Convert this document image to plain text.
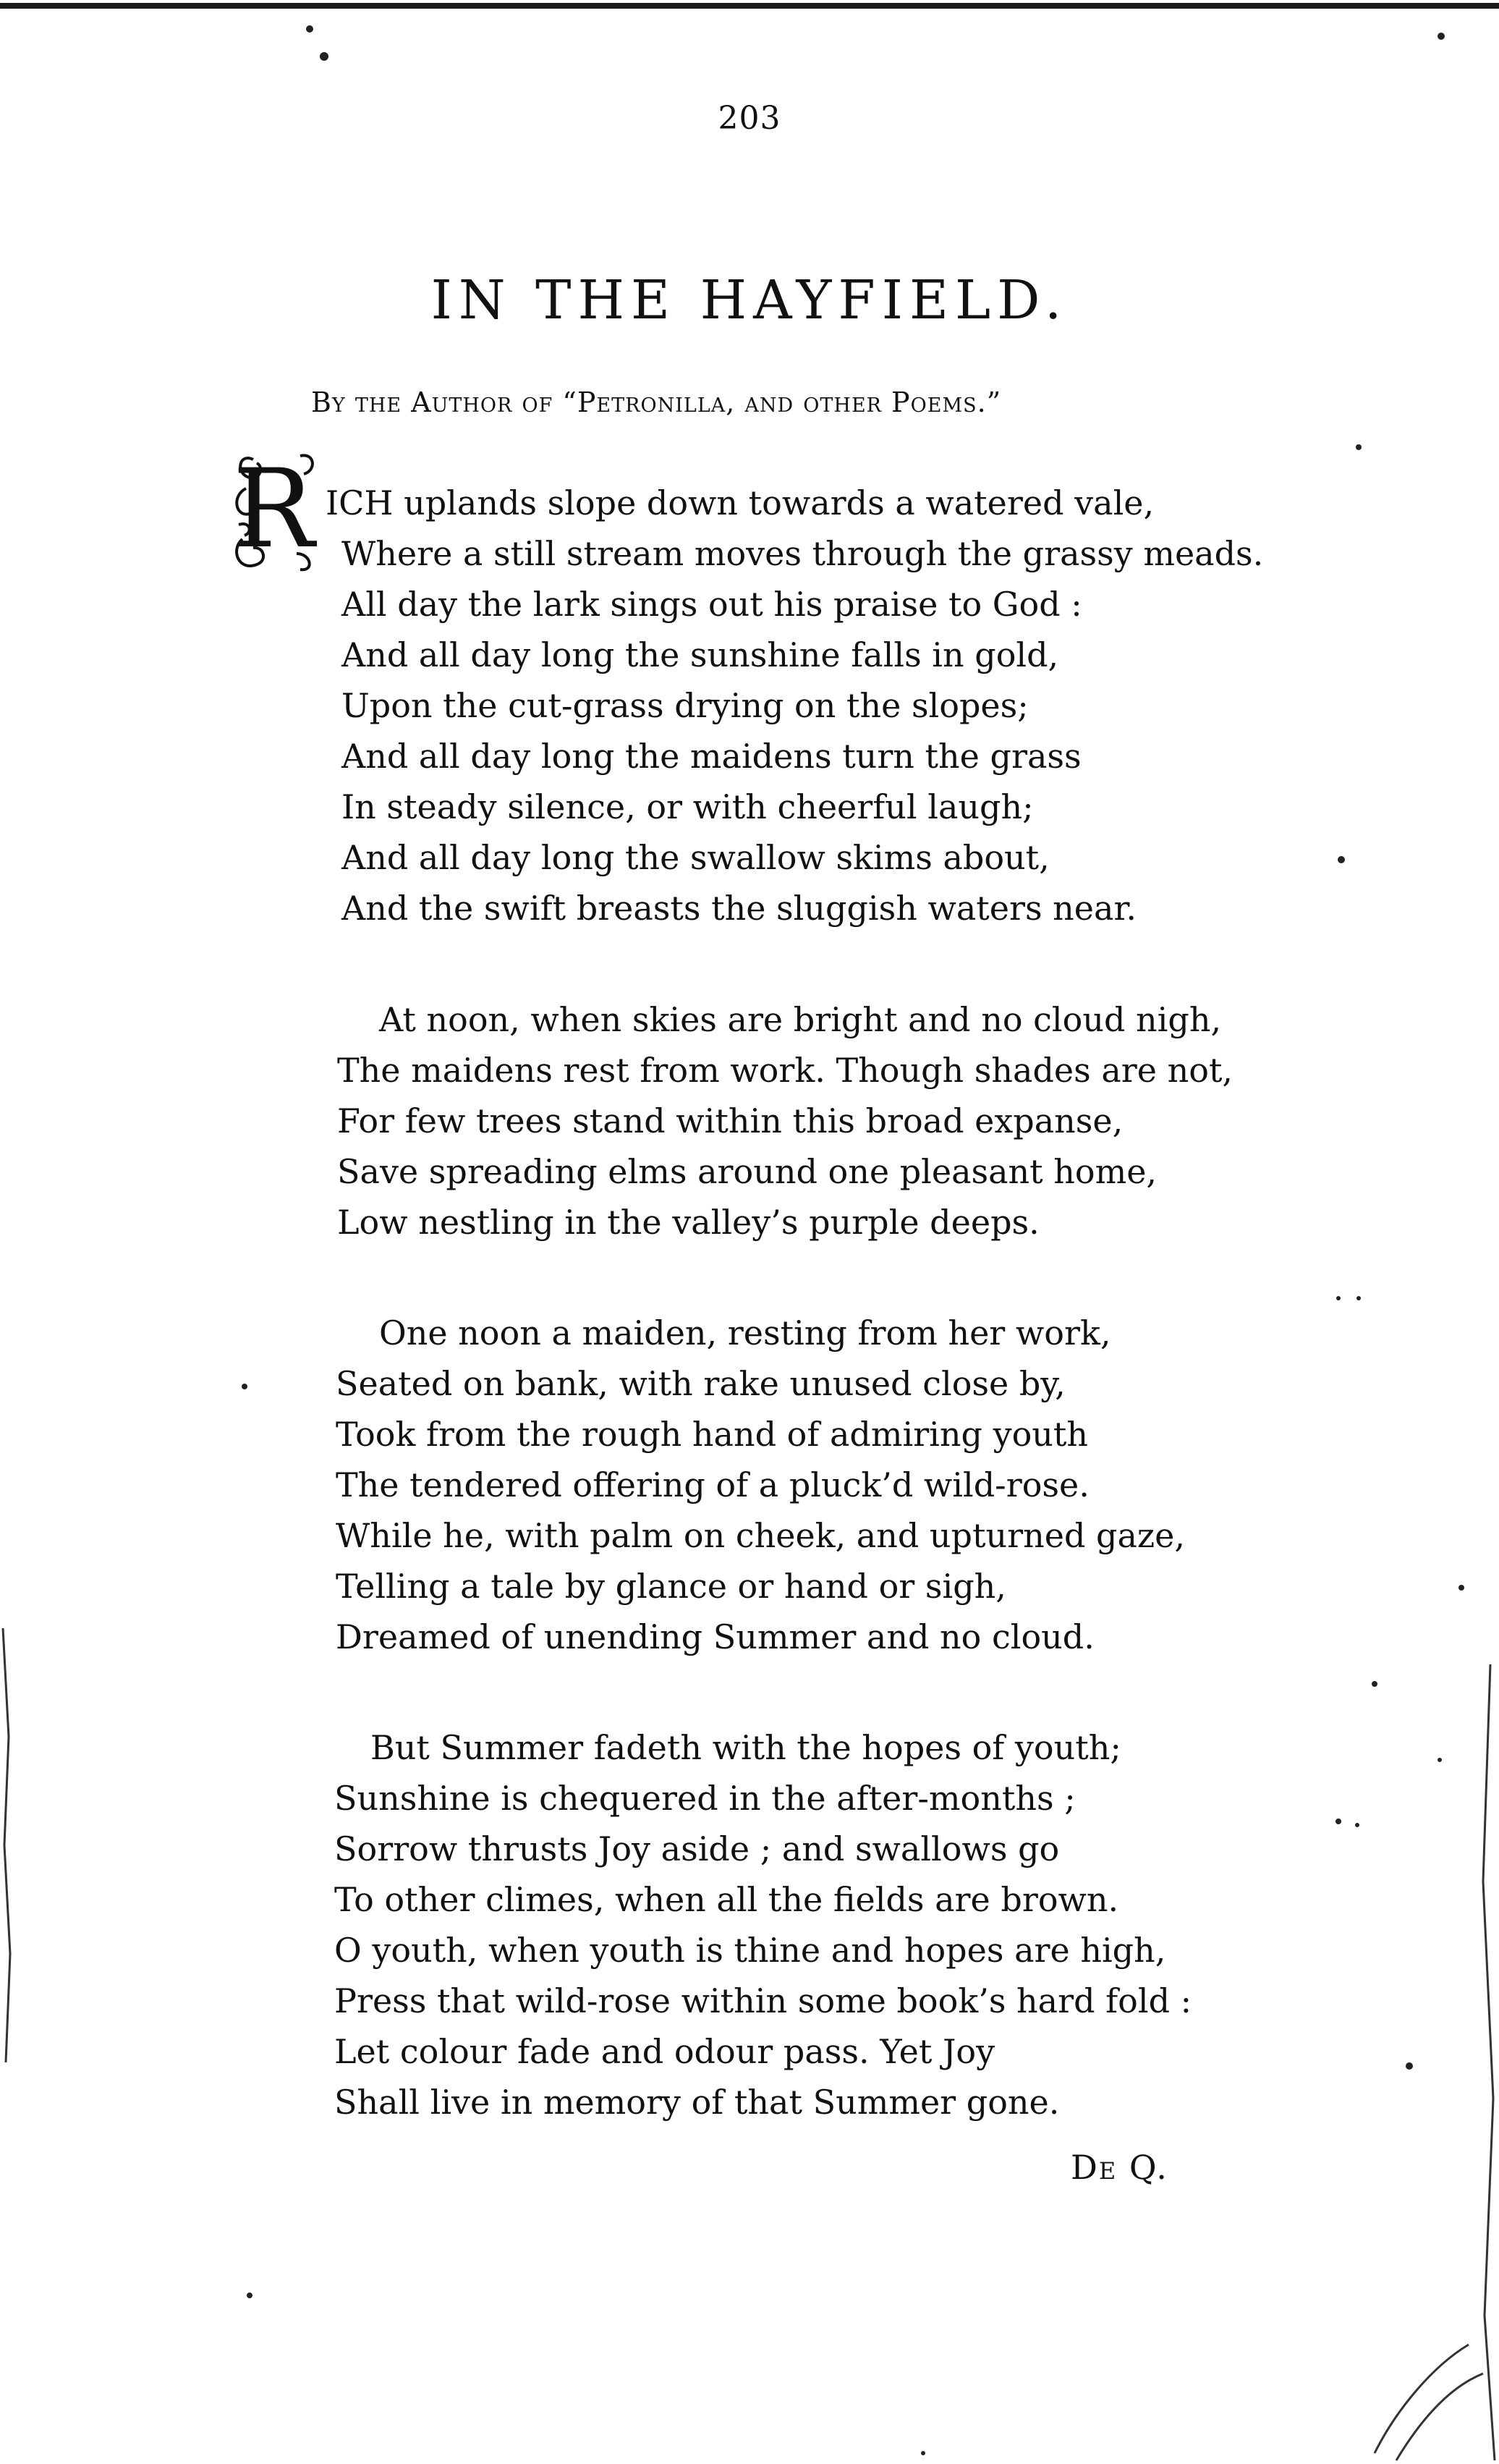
203
IN THE HAYFIELD.
By the Author of “Petronilla, and other Poems.”
R ICH uplands slope down towards a watered vale,
Where a still stream moves through the grassy meads.
All day the lark sings out his praise to God :
And all day long the sunshine falls in gold,
Upon the cut-grass drying on the slopes;
And all day long the maidens turn the grass
In steady silence, or with cheerful laugh;
And all day long the swallow skims about,
And the swift breasts the sluggish waters near.
At noon, when skies are bright and no cloud nigh,
The maidens rest from work. Though shades are not,
For few trees stand within this broad expanse,
Save spreading elms around one pleasant home,
Low nestling in the valley’s purple deeps.
One noon a maiden, resting from her work,
Seated on bank, with rake unused close by,
Took from the rough hand of admiring youth
The tendered offering of a pluck’d wild-rose.
While he, with palm on cheek, and upturned gaze,
Telling a tale by glance or hand or sigh,
Dreamed of unending Summer and no cloud.
But Summer fadeth with the hopes of youth;
Sunshine is chequered in the after-months ;
Sorrow thrusts Joy aside ; and swallows go
To other climes, when all the fields are brown.
O youth, when youth is thine and hopes are high,
Press that wild-rose within some book’s hard fold :
Let colour fade and odour pass. Yet Joy
Shall live in memory of that Summer gone.
De Q.
